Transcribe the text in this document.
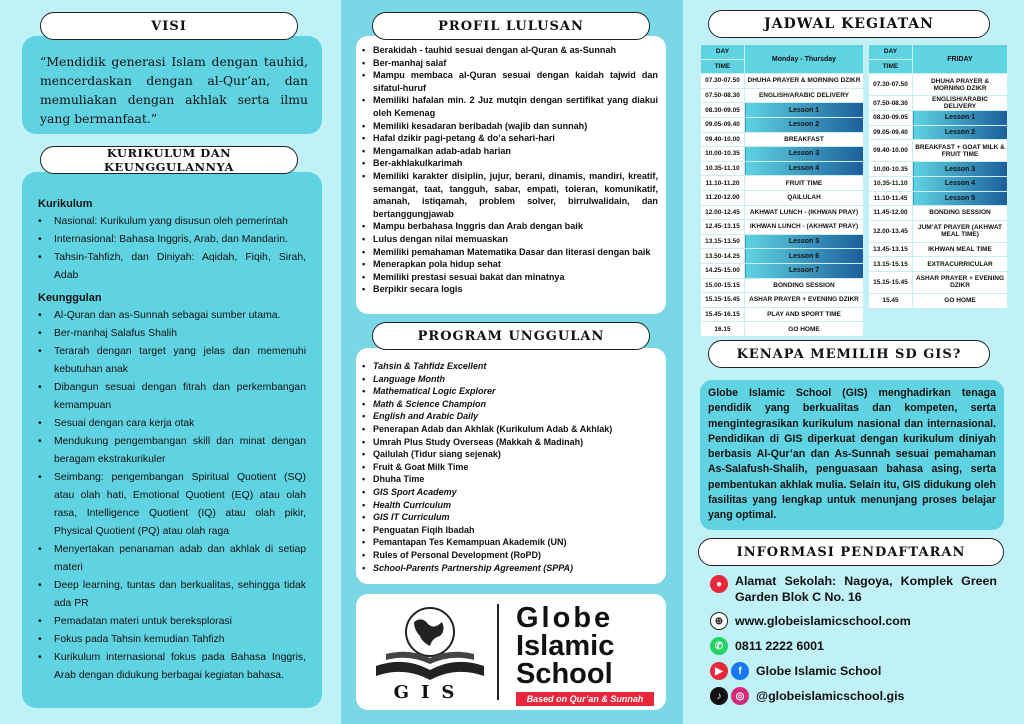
VISI
“Mendidik generasi Islam dengan tauhid, mencerdaskan dengan al-Qur’an, dan memuliakan dengan akhlak serta ilmu yang bermanfaat.”
KURIKULUM DAN KEUNGGULANNYA
Kurikulum
• Nasional: Kurikulum yang disusun oleh pemerintah
• Internasional: Bahasa Inggris, Arab, dan Mandarin.
• Tahsin-Tahfizh, dan Diniyah: Aqidah, Fiqih, Sirah, Adab
Keunggulan
• Al-Quran dan as-Sunnah sebagai sumber utama.
• Ber-manhaj Salafus Shalih
• Terarah dengan target yang jelas dan memenuhi kebutuhan anak
• Dibangun sesuai dengan fitrah dan perkembangan kemampuan
• Sesuai dengan cara kerja otak
• Mendukung pengembangan skill dan minat dengan beragam ekstrakurikuler
• Seimbang: pengembangan Spiritual Quotient (SQ) atau olah hati, Emotional Quotient (EQ) atau olah rasa, Intelligence Quotient (IQ) atau olah pikir, Physical Quotient (PQ) atau olah raga
• Menyertakan penanaman adab dan akhlak di setiap materi
• Deep learning, tuntas dan berkualitas, sehingga tidak ada PR
• Pemadatan materi untuk bereksplorasi
• Fokus pada Tahsin kemudian Tahfizh
• Kurikulum internasional fokus pada Bahasa Inggris, Arab dengan didukung berbagai kegiatan bahasa.
PROFIL LULUSAN
• Berakidah - tauhid sesuai dengan al-Quran & as-Sunnah
• Ber-manhaj salaf
• Mampu membaca al-Quran sesuai dengan kaidah tajwid dan sifatul-huruf
• Memiliki hafalan min. 2 Juz mutqin dengan sertifikat yang diakui oleh Kemenag
• Memiliki kesadaran beribadah (wajib dan sunnah)
• Hafal dzikir pagi-petang & do’a sehari-hari
• Mengamalkan adab-adab harian
• Ber-akhlakulkarimah
• Memiliki karakter disiplin, jujur, berani, dinamis, mandiri, kreatif, semangat, taat, tangguh, sabar, empati, toleran, komunikatif, amanah, istiqamah, problem solver, birrulwalidain, dan bertanggungjawab
• Mampu berbahasa Inggris dan Arab dengan baik
• Lulus dengan nilai memuaskan
• Memiliki pemahaman Matematika Dasar dan literasi dengan baik
• Menerapkan pola hidup sehat
• Memiliki prestasi sesuai bakat dan minatnya
• Berpikir secara logis
PROGRAM UNGGULAN
• Tahsin & Tahfidz Excellent
• Language Month
• Mathematical Logic Explorer
• Math & Science Champion
• English and Arabic Daily
• Penerapan Adab dan Akhlak (Kurikulum Adab & Akhlak)
• Umrah Plus Study Overseas (Makkah & Madinah)
• Qailulah (Tidur siang sejenak)
• Fruit & Goat Milk Time
• Dhuha Time
• GIS Sport Academy
• Health Curriculum
• GIS IT Curriculum
• Penguatan Fiqih Ibadah
• Pemantapan Tes Kemampuan Akademik (UN)
• Rules of Personal Development (RoPD)
• School-Parents Partnership Agreement (SPPA)
GIS
Globe
Islamic
School
Based on Qur’an & Sunnah
JADWAL KEGIATAN
DAY	Monday - Thursday
TIME	
07.30-07.50	DHUHA PRAYER & MORNING DZIKR
07.50-08.30	ENGLISH/ARABIC DELIVERY
08.30-09.05	Lesson 1
09.05-09.40	Lesson 2
09.40-10.00	BREAKFAST
10.00-10.35	Lesson 3
10.35-11.10	Lesson 4
11.10-11.20	FRUIT TIME
11.20-12.00	QAILULAH
12.00-12.45	AKHWAT LUNCH - (IKHWAN PRAY)
12.45-13.15	IKHWAN LUNCH - (AKHWAT PRAY)
13.15-13.50	Lesson 5
13.50-14.25	Lesson 6
14.25-15.00	Lesson 7
15.00-15.15	BONDING SESSION
15.15-15.45	ASHAR PRAYER + EVENING DZIKR
15.45-16.15	PLAY AND SPORT TIME
16.15	GO HOME
DAY	FRIDAY
TIME	
07.30-07.50	DHUHA PRAYER & MORNING DZIKR
07.50-08.30	ENGLISH/ARABIC DELIVERY
08.30-09.05	Lesson 1
09.05-09.40	Lesson 2
09.40-10.00	BREAKFAST + GOAT MILK & FRUIT TIME
10.00-10.35	Lesson 3
10.35-11.10	Lesson 4
11.10-11.45	Lesson 5
11.45-12.00	BONDING SESSION
12.00-13.45	JUM’AT PRAYER (AKHWAT MEAL TIME)
13.45-13.15	IKHWAN MEAL TIME
13.15-15.15	EXTRACURRICULAR
15.15-15.45	ASHAR PRAYER + EVENING DZIKR
15.45	GO HOME
KENAPA MEMILIH SD GIS?
Globe Islamic School (GIS) menghadirkan tenaga pendidik yang berkualitas dan kompeten, serta mengintegrasikan kurikulum nasional dan internasional. Pendidikan di GIS diperkuat dengan kurikulum diniyah berbasis Al-Qur’an dan As-Sunnah sesuai pemahaman As-Salafush-Shalih, penguasaan bahasa asing, serta pembentukan akhlak mulia. Selain itu, GIS didukung oleh fasilitas yang lengkap untuk menunjang proses belajar yang optimal.
INFORMASI PENDAFTARAN
●	Alamat Sekolah: Nagoya, Komplek Green Garden Blok C No. 16
⊕ www.globeislamicschool.com
✆ 0811 2222 6001
▶	f	Globe Islamic School
♪	◎ @globeislamicschool.gis
